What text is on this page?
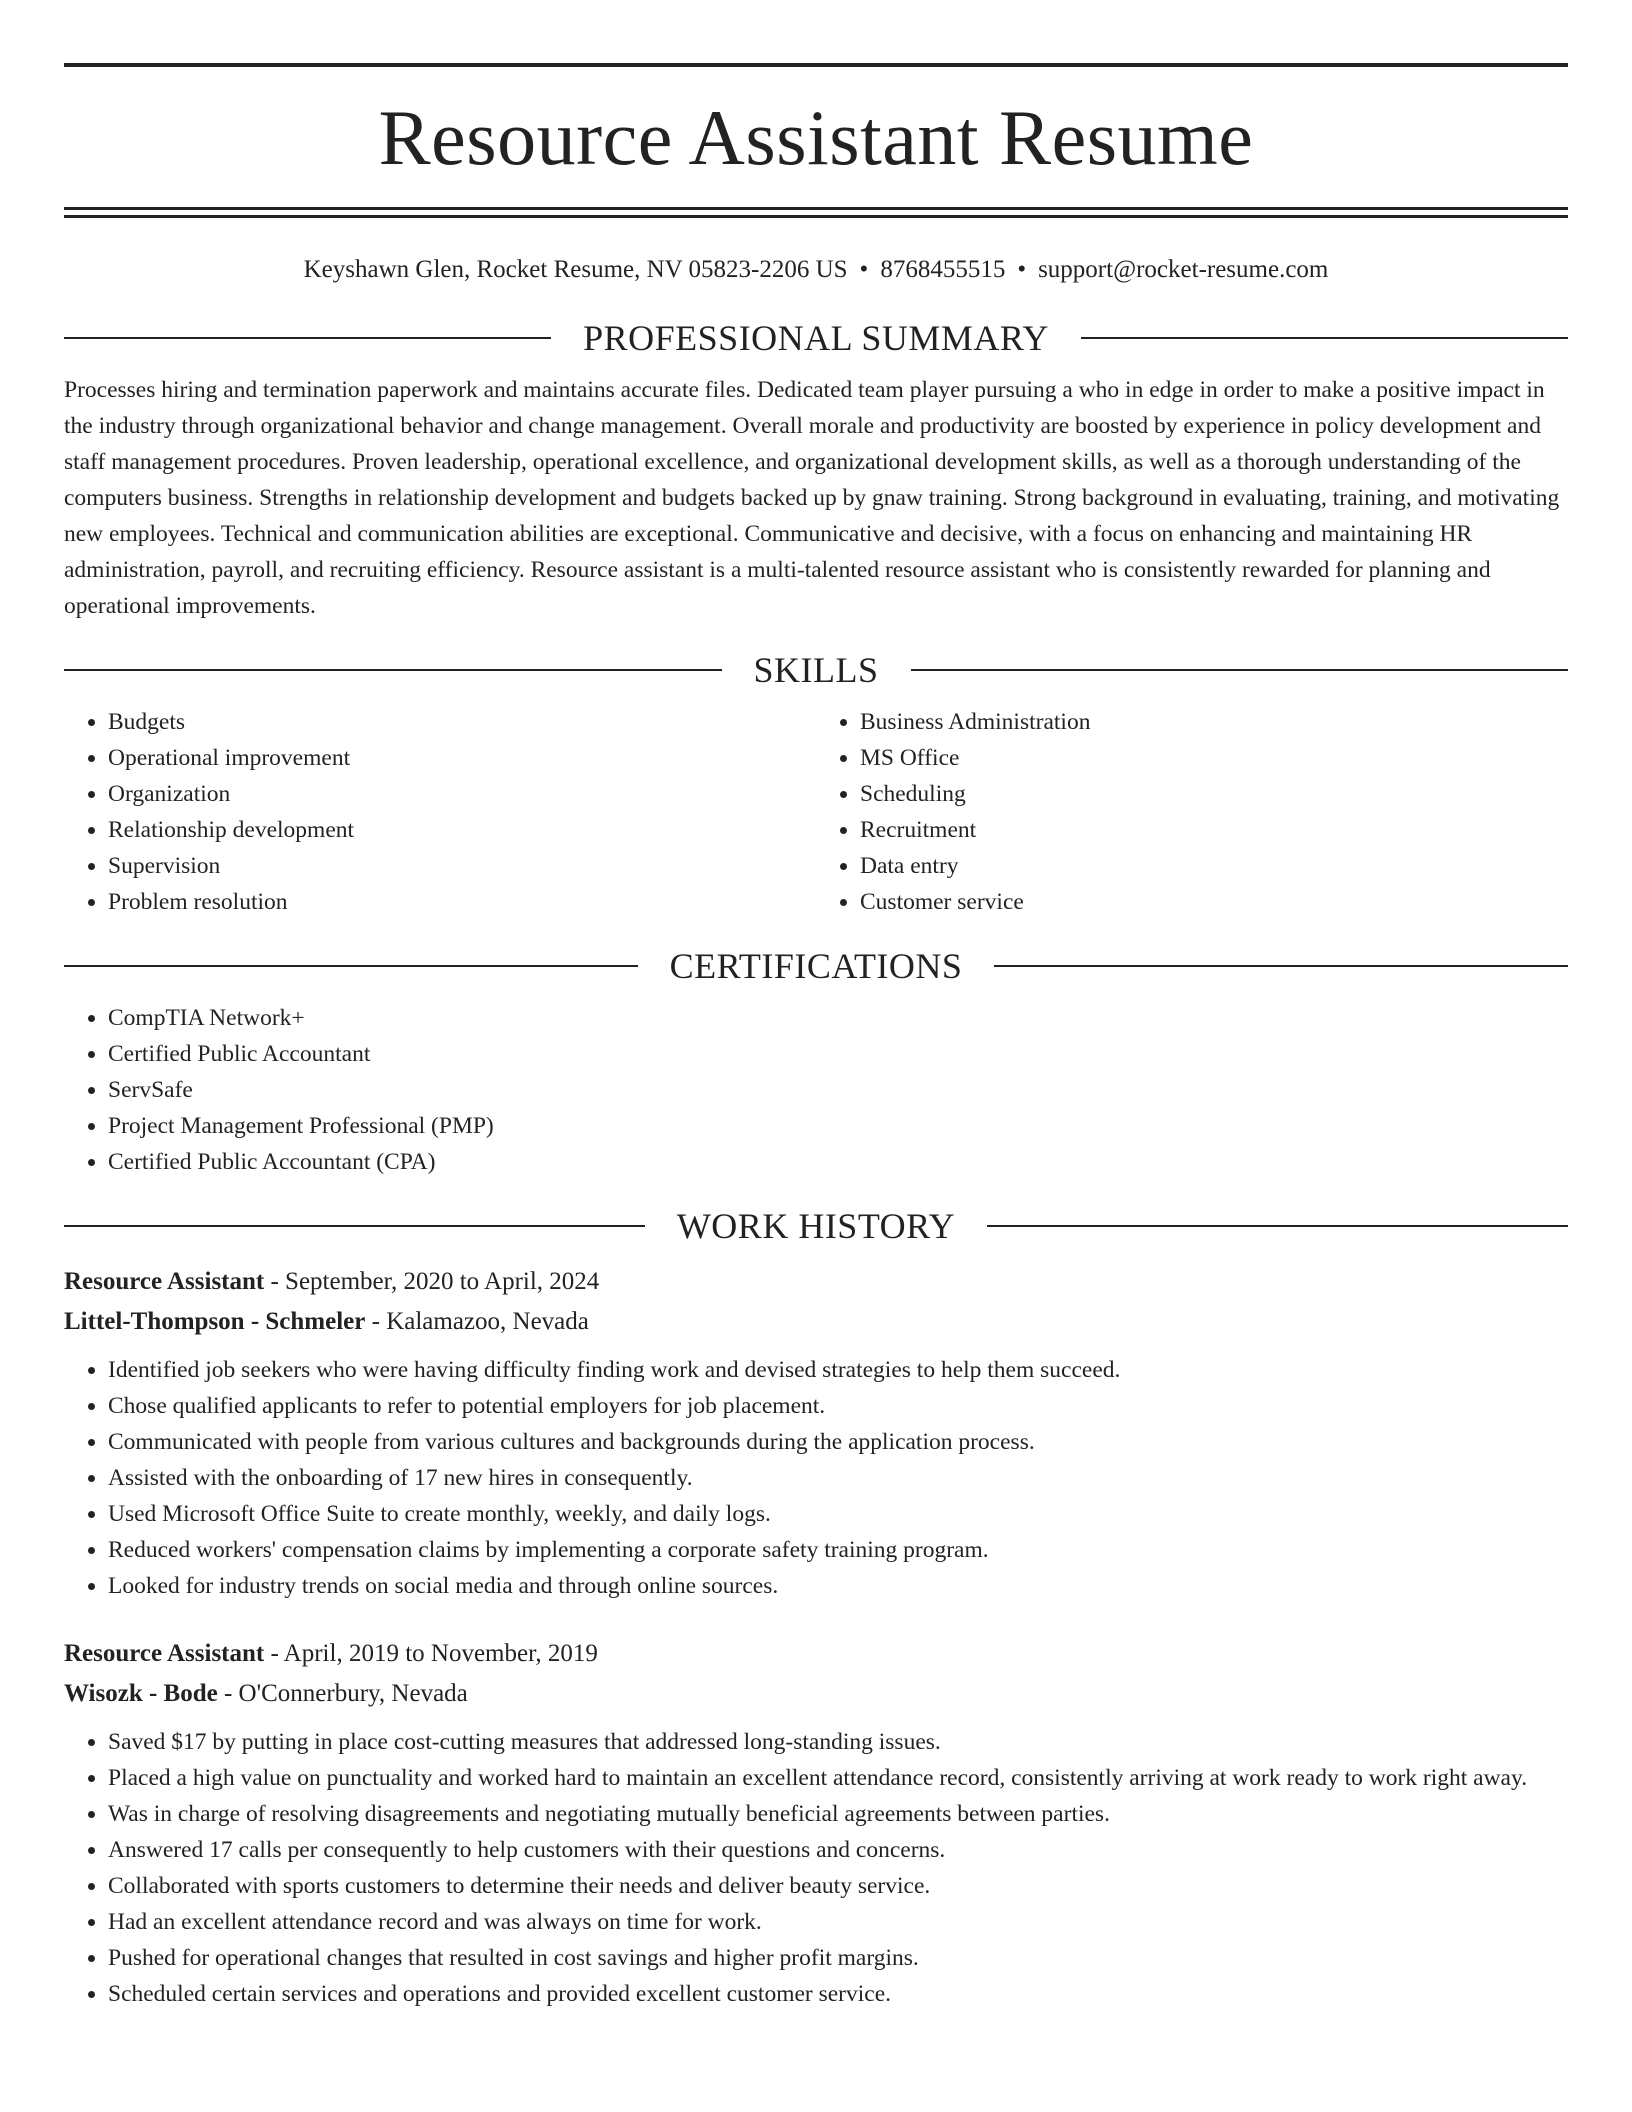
Resource Assistant Resume
Keyshawn Glen, Rocket Resume, NV 05823-2206 US • 8768455515 • support@rocket-resume.com
PROFESSIONAL SUMMARY
Processes hiring and termination paperwork and maintains accurate files. Dedicated team player pursuing a who in edge in order to make a positive impact in the industry through organizational behavior and change management. Overall morale and productivity are boosted by experience in policy development and staff management procedures. Proven leadership, operational excellence, and organizational development skills, as well as a thorough understanding of the computers business. Strengths in relationship development and budgets backed up by gnaw training. Strong background in evaluating, training, and motivating new employees. Technical and communication abilities are exceptional. Communicative and decisive, with a focus on enhancing and maintaining HR administration, payroll, and recruiting efficiency. Resource assistant is a multi-talented resource assistant who is consistently rewarded for planning and operational improvements.
SKILLS
• Budgets
• Operational improvement
• Organization
• Relationship development
• Supervision
• Problem resolution
• Business Administration
• MS Office
• Scheduling
• Recruitment
• Data entry
• Customer service
CERTIFICATIONS
• CompTIA Network+
• Certified Public Accountant
• ServSafe
• Project Management Professional (PMP)
• Certified Public Accountant (CPA)
WORK HISTORY
Resource Assistant - September, 2020 to April, 2024
Littel-Thompson - Schmeler - Kalamazoo, Nevada
• Identified job seekers who were having difficulty finding work and devised strategies to help them succeed.
• Chose qualified applicants to refer to potential employers for job placement.
• Communicated with people from various cultures and backgrounds during the application process.
• Assisted with the onboarding of 17 new hires in consequently.
• Used Microsoft Office Suite to create monthly, weekly, and daily logs.
• Reduced workers' compensation claims by implementing a corporate safety training program.
• Looked for industry trends on social media and through online sources.
Resource Assistant - April, 2019 to November, 2019
Wisozk - Bode - O'Connerbury, Nevada
• Saved $17 by putting in place cost-cutting measures that addressed long-standing issues.
• Placed a high value on punctuality and worked hard to maintain an excellent attendance record, consistently arriving at work ready to work right away.
• Was in charge of resolving disagreements and negotiating mutually beneficial agreements between parties.
• Answered 17 calls per consequently to help customers with their questions and concerns.
• Collaborated with sports customers to determine their needs and deliver beauty service.
• Had an excellent attendance record and was always on time for work.
• Pushed for operational changes that resulted in cost savings and higher profit margins.
• Scheduled certain services and operations and provided excellent customer service.
